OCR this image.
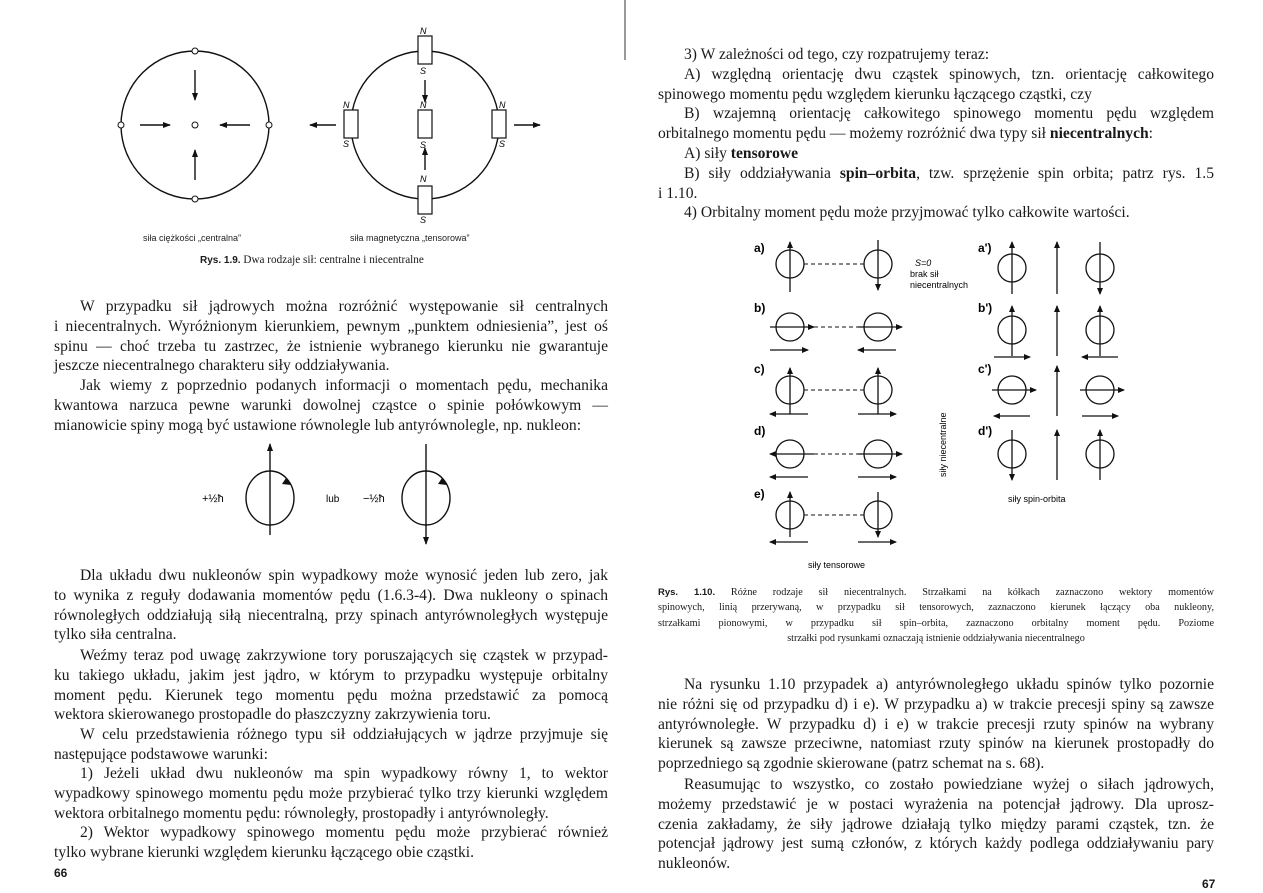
N
S
N
S
N
S
N
S
N
S
siła ciężkości „centralna”	siła magnetyczna „tensorowa”
Rys. 1.9. Dwa rodzaje sił: centralne i niecentralne
W przypadku sił jądrowych można rozróżnić występowanie sił centralnych
i niecentralnych. Wyróżnionym kierunkiem, pewnym „punktem odniesienia”, jest oś
spinu — choć trzeba tu zastrzec, że istnienie wybranego kierunku nie gwarantuje
jeszcze niecentralnego charakteru siły oddziaływania.
Jak wiemy z poprzednio podanych informacji o momentach pędu, mechanika
kwantowa narzuca pewne warunki dowolnej cząstce o spinie połówkowym —
mianowicie spiny mogą być ustawione równolegle lub antyrównolegle, np. nukleon:
+½ħ	lub −½ħ
Dla układu dwu nukleonów spin wypadkowy może wynosić jeden lub zero, jak
to wynika z reguły dodawania momentów pędu (1.6.3-4). Dwa nukleony o spinach
równoległych oddziałują siłą niecentralną, przy spinach antyrównoległych występuje
tylko siła centralna.
Weźmy teraz pod uwagę zakrzywione tory poruszających się cząstek w przypad-
ku takiego układu, jakim jest jądro, w którym to przypadku występuje orbitalny
moment pędu. Kierunek tego momentu pędu można przedstawić za pomocą
wektora skierowanego prostopadle do płaszczyzny zakrzywienia toru.
W celu przedstawienia różnego typu sił oddziałujących w jądrze przyjmuje się
następujące podstawowe warunki:
1) Jeżeli układ dwu nukleonów ma spin wypadkowy równy 1, to wektor
wypadkowy spinowego momentu pędu może przybierać tylko trzy kierunki względem
wektora orbitalnego momentu pędu: równoległy, prostopadły i antyrównoległy.
2) Wektor wypadkowy spinowego momentu pędu może przybierać również
tylko wybrane kierunki względem kierunku łączącego obie cząstki.
66
3) W zależności od tego, czy rozpatrujemy teraz:
A) względną orientację dwu cząstek spinowych, tzn. orientację całkowitego
spinowego momentu pędu względem kierunku łączącego cząstki, czy
B) wzajemną orientację całkowitego spinowego momentu pędu względem
orbitalnego momentu pędu — możemy rozróżnić dwa typy sił niecentralnych:
A) siły tensorowe
B) siły oddziaływania spin–orbita, tzw. sprzężenie spin orbita; patrz rys. 1.5
i 1.10.
4) Orbitalny moment pędu może przyjmować tylko całkowite wartości.
a)
b)
c)
d)
e)
S=0
brak sił
niecentralnych
siły niecentralne
a')
b')
c')
d')
siły spin-orbita
siły tensorowe
Rys. 1.10. Różne rodzaje sił niecentralnych. Strzałkami na kółkach zaznaczono wektory momentów
spinowych, linią przerywaną, w przypadku sił tensorowych, zaznaczono kierunek łączący oba nukleony,
strzałkami pionowymi, w przypadku sił spin–orbita, zaznaczono orbitalny moment pędu. Poziome
strzałki pod rysunkami oznaczają istnienie oddziaływania niecentralnego
Na rysunku 1.10 przypadek a) antyrównoległego układu spinów tylko pozornie
nie różni się od przypadku d) i e). W przypadku a) w trakcie precesji spiny są zawsze
antyrównoległe. W przypadku d) i e) w trakcie precesji rzuty spinów na wybrany
kierunek są zawsze przeciwne, natomiast rzuty spinów na kierunek prostopadły do
poprzedniego są zgodnie skierowane (patrz schemat na s. 68).
Reasumując to wszystko, co zostało powiedziane wyżej o siłach jądrowych,
możemy przedstawić je w postaci wyrażenia na potencjał jądrowy. Dla uprosz-
czenia zakładamy, że siły jądrowe działają tylko między parami cząstek, tzn. że
potencjał jądrowy jest sumą członów, z których każdy podlega oddziaływaniu pary
nukleonów.
67
